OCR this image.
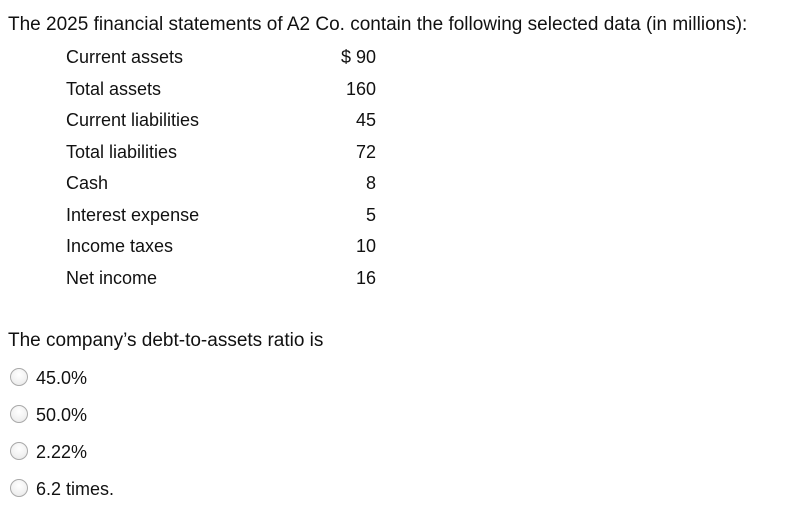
The 2025 financial statements of A2 Co. contain the following selected data (in millions):
Current assets	$ 90
Total assets	160
Current liabilities	45
Total liabilities	72
Cash	8
Interest expense	5
Income taxes	10
Net income	16
The company’s debt-to-assets ratio is
45.0%
50.0%
2.22%
6.2 times.
